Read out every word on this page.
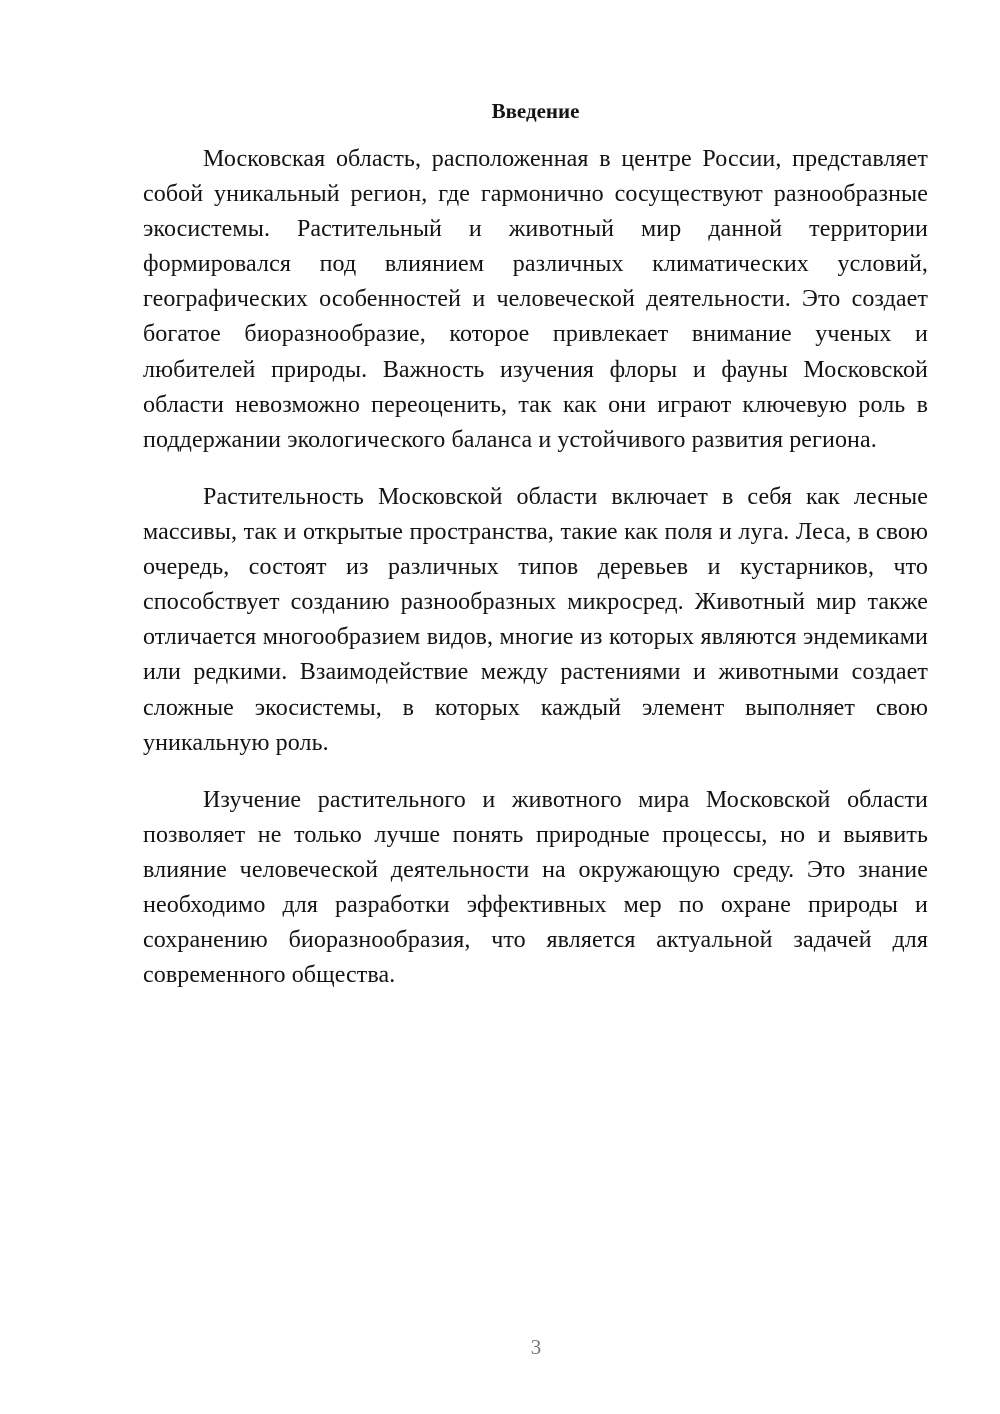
Введение

Московская область, расположенная в центре России, представляет собой уникальный регион, где гармонично сосуществуют разнообразные экосистемы. Растительный и животный мир данной территории формировался под влиянием различных климатических условий, географических особенностей и человеческой деятельности. Это создает богатое биоразнообразие, которое привлекает внимание ученых и любителей природы. Важность изучения флоры и фауны Московской области невозможно переоценить, так как они играют ключевую роль в поддержании экологического баланса и устойчивого развития региона.

Растительность Московской области включает в себя как лесные массивы, так и открытые пространства, такие как поля и луга. Леса, в свою очередь, состоят из различных типов деревьев и кустарников, что способствует созданию разнообразных микросред. Животный мир также отличается многообразием видов, многие из которых являются эндемиками или редкими. Взаимодействие между растениями и животными создает сложные экосистемы, в которых каждый элемент выполняет свою уникальную роль.

Изучение растительного и животного мира Московской области позволяет не только лучше понять природные процессы, но и выявить влияние человеческой деятельности на окружающую среду. Это знание необходимо для разработки эффективных мер по охране природы и сохранению биоразнообразия, что является актуальной задачей для современного общества.

3
